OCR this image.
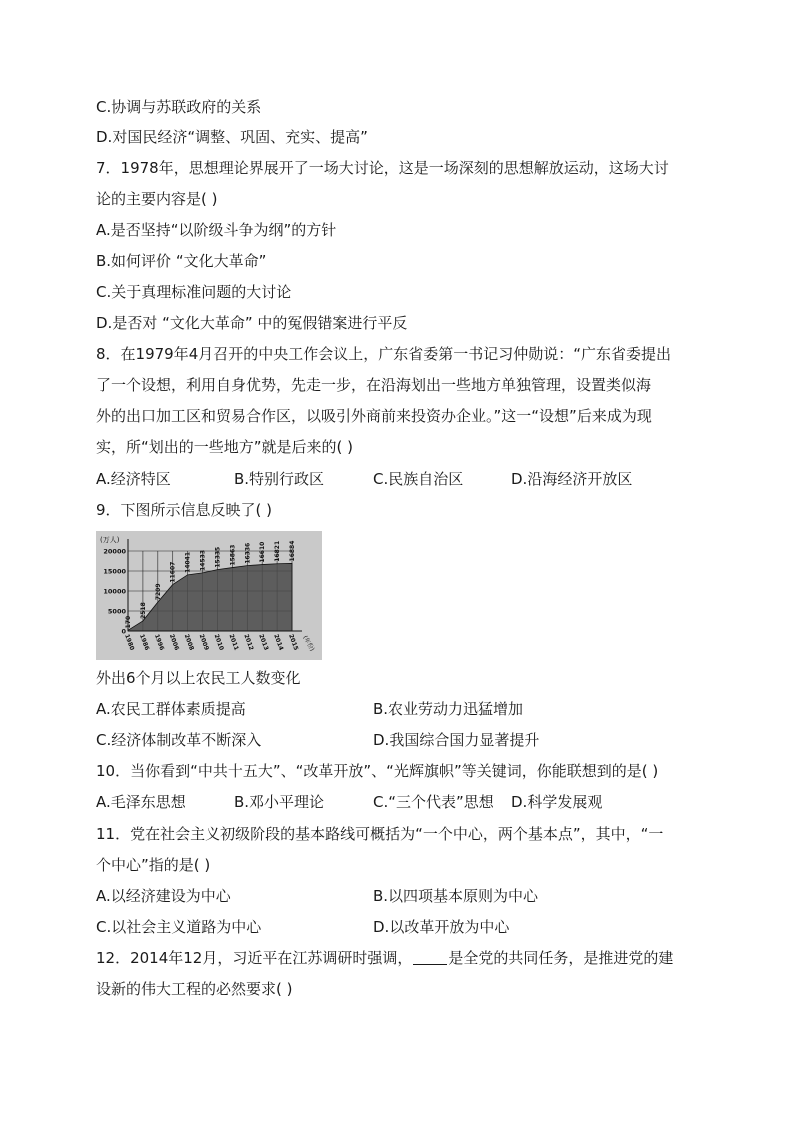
C.协调与苏联政府的关系
D.对国民经济“调整、巩固、充实、提高”
7．1978年，思想理论界展开了一场大讨论，这是一场深刻的思想解放运动，这场大讨
论的主要内容是( )
A.是否坚持“以阶级斗争为纲”的方针
B.如何评价 “文化大革命”
C.关于真理标准问题的大讨论
D.是否对 “文化大革命” 中的冤假错案进行平反
8．在1979年4月召开的中央工作会议上，广东省委第一书记习仲勋说：“广东省委提出
了一个设想，利用自身优势，先走一步，在沿海划出一些地方单独管理，设置类似海
外的出口加工区和贸易合作区，以吸引外商前来投资办企业。”这一“设想”后来成为现
实，所“划出的一些地方”就是后来的( )
A.经济特区	B.特别行政区	C.民族自治区	D.沿海经济开放区
9．下图所示信息反映了( )
0
5000
10000
15000
20000
1980 1986 1996 2006 2008 2009 2010 2011 2012 2013 2014 2015
170
2518
7209
11607 14041 14533 15335 15863 16336 16610 16821 16884
(万人)
(年份)
外出6个月以上农民工人数变化
A.农民工群体素质提高	B.农业劳动力迅猛增加
C.经济体制改革不断深入	D.我国综合国力显著提升
10．当你看到“中共十五大”、“改革开放”、“光辉旗帜”等关键词，你能联想到的是( )
A.毛泽东思想	B.邓小平理论	C.“三个代表”思想 D.科学发展观
11．党在社会主义初级阶段的基本路线可概括为“一个中心，两个基本点”，其中，“一
个中心”指的是( )
A.以经济建设为中心	B.以四项基本原则为中心
C.以社会主义道路为中心	D.以改革开放为中心
12．2014年12月，习近平在江苏调研时强调， 是全党的共同任务，是推进党的建
设新的伟大工程的必然要求( )
